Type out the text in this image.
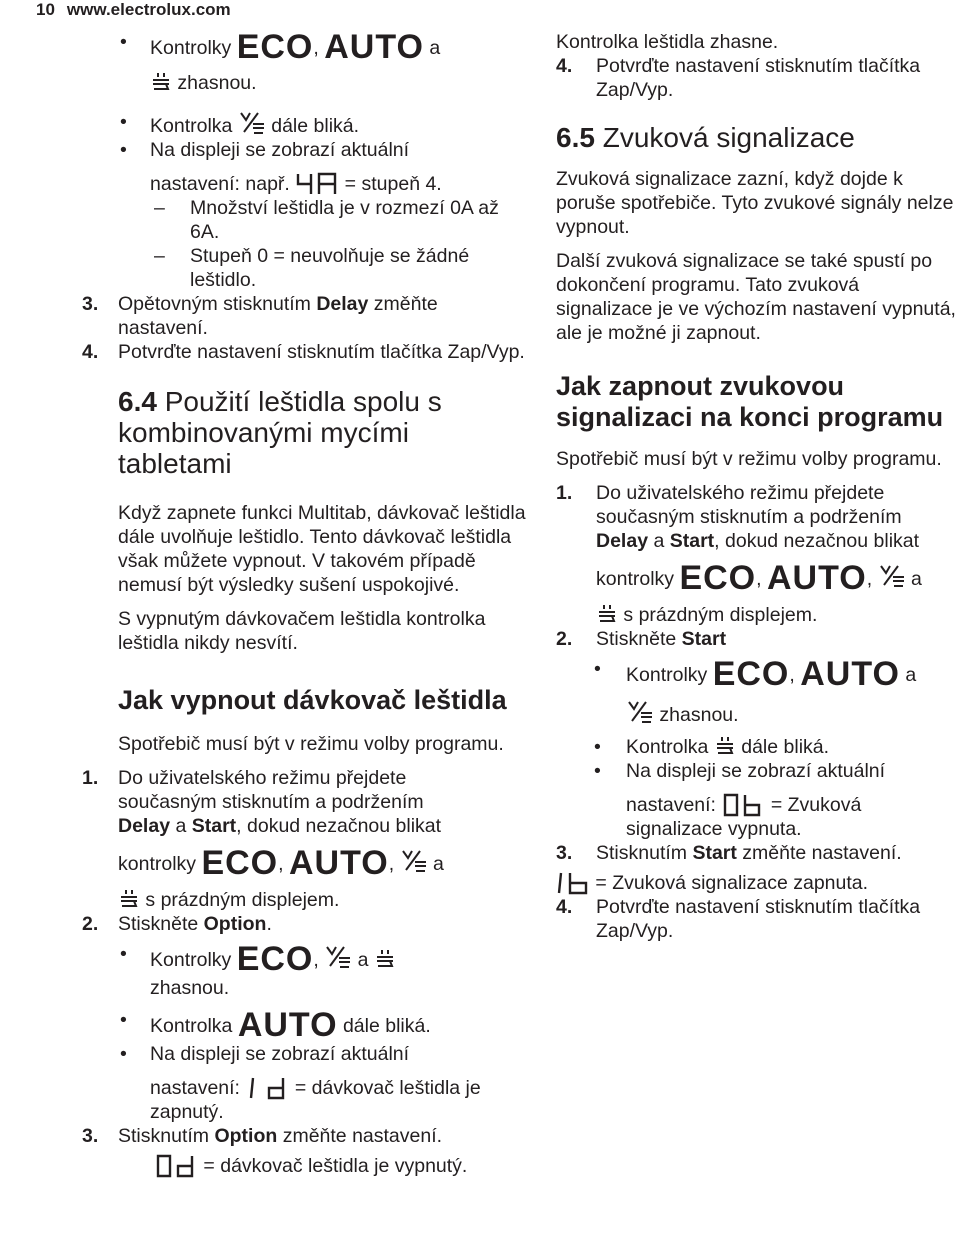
10 www.electrolux.com
• Kontrolky ECO, AUTO a
zhasnou.
• Kontrolka  dále bliká.
• Na displeji se zobrazí aktuální
nastavení: např.  = stupeň 4.
– Množství leštidla je v rozmezí 0A až 6A.
– Stupeň 0 = neuvolňuje se žádné leštidlo.
3. Opětovným stisknutím Delay změňte nastavení.
4. Potvrďte nastavení stisknutím tlačítka Zap/Vyp.
6.4 Použití leštidla spolu s kombinovanými mycími tabletami

Když zapnete funkci Multitab, dávkovač leštidla dále uvolňuje leštidlo. Tento dávkovač leštidla však můžete vypnout. V takovém případě nemusí být výsledky sušení uspokojivé.

S vypnutým dávkovačem leštidla kontrolka leštidla nikdy nesvítí.

Jak vypnout dávkovač leštidla

Spotřebič musí být v režimu volby programu.

1. Do uživatelského režimu přejdete
současným stisknutím a podržením
Delay a Start, dokud nezačnou blikat
kontrolky ECO, AUTO,  a
s prázdným displejem.
2. Stiskněte Option.
• Kontrolky ECO,  a
zhasnou.
• Kontrolka AUTO dále bliká.
• Na displeji se zobrazí aktuální
nastavení:  = dávkovač leštidla je zapnutý.
3. Stisknutím Option změňte nastavení.
= dávkovač leštidla je vypnutý.

Kontrolka leštidla zhasne.

4. Potvrďte nastavení stisknutím tlačítka Zap/Vyp.
6.5 Zvuková signalizace

Zvuková signalizace zazní, když dojde k poruše spotřebiče. Tyto zvukové signály nelze vypnout.

Další zvuková signalizace se také spustí po dokončení programu. Tato zvuková signalizace je ve výchozím nastavení vypnutá, ale je možné ji zapnout.

Jak zapnout zvukovou signalizaci na konci programu

Spotřebič musí být v režimu volby programu.

1. Do uživatelského režimu přejdete
současným stisknutím a podržením
Delay a Start, dokud nezačnou blikat
kontrolky ECO, AUTO,  a
s prázdným displejem.
2. Stiskněte Start
• Kontrolky ECO, AUTO a
zhasnou.
• Kontrolka  dále bliká.
• Na displeji se zobrazí aktuální
nastavení:  = Zvuková signalizace vypnuta.
3. Stisknutím Start změňte nastavení.
= Zvuková signalizace zapnuta.
4. Potvrďte nastavení stisknutím tlačítka Zap/Vyp.
